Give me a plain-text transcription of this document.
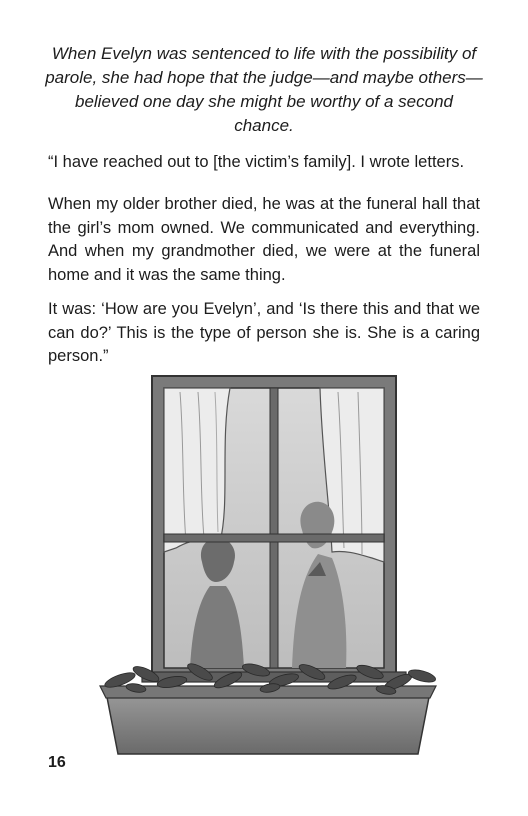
When Evelyn was sentenced to life with the possibility of parole, she had hope that the judge—and maybe others—believed one day she might be worthy of a second chance.

“I have reached out to [the victim’s family]. I wrote letters.

When my older brother died, he was at the funeral hall that the girl’s mom owned. We communicated and everything. And when my grandmother died, we were at the funeral home and it was the same thing.

It was: ‘How are you Evelyn’, and ‘Is there this and that we can do?’ This is the type of person she is. She is a caring person.”

16
